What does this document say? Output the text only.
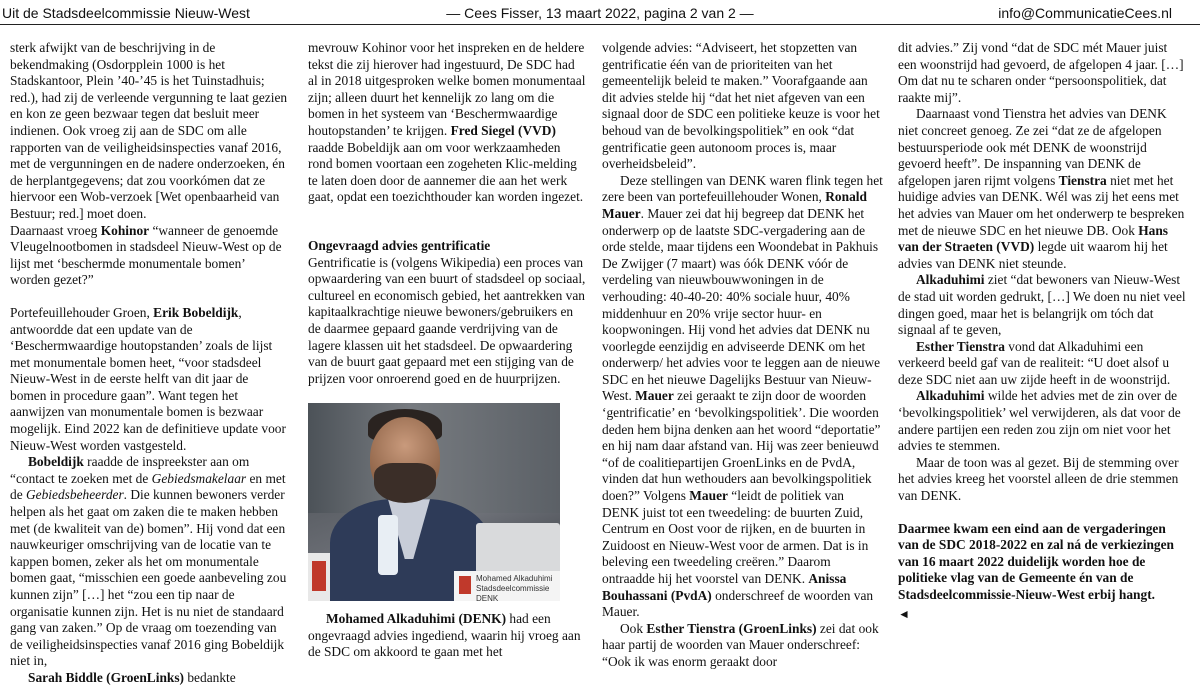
Uit de Stadsdeelcommissie Nieuw-West	— Cees Fisser, 13 maart 2022, pagina 2 van 2 —	info@CommunicatieCees.nl

sterk afwijkt van de beschrijving in de bekendmaking (Osdorpplein 1000 is het Stadskantoor, Plein ’40-’45 is het Tuinstadhuis; red.), had zij de verleende vergunning te laat gezien en kon ze geen bezwaar tegen dat besluit meer indienen. Ook vroeg zij aan de SDC om alle rapporten van de veiligheidsinspecties vanaf 2016, met de vergunningen en de nadere onderzoeken, én de herplantgegevens; dat zou voorkómen dat ze hiervoor een Wob-verzoek [Wet openbaarheid van Bestuur; red.] moet doen.

Daarnaast vroeg Kohinor “wanneer de genoemde Vleugelnootbomen in stadsdeel Nieuw-West op de lijst met ‘beschermde monumentale bomen’ worden gezet?”

Portefeuillehouder Groen, Erik Bobeldijk, antwoordde dat een update van de ‘Beschermwaardige houtopstanden’ zoals de lijst met monumentale bomen heet, “voor stadsdeel Nieuw-West in de eerste helft van dit jaar de bomen in procedure gaan”. Want tegen het aanwijzen van monumentale bomen is bezwaar mogelijk. Eind 2022 kan de definitieve update voor Nieuw-West worden vastgesteld.

Bobeldijk raadde de inspreekster aan om “contact te zoeken met de Gebiedsmakelaar en met de Gebiedsbeheerder. Die kunnen bewoners verder helpen als het gaat om zaken die te maken hebben met (de kwaliteit van de) bomen”. Hij vond dat een nauwkeuriger omschrijving van de locatie van te kappen bomen, zeker als het om monumentale bomen gaat, “misschien een goede aanbeveling zou kunnen zijn” […] het “zou een tip naar de organisatie kunnen zijn. Het is nu niet de standaard gang van zaken.” Op de vraag om toezending van de veiligheidsinspecties vanaf 2016 ging Bobeldijk niet in,

Sarah Biddle (GroenLinks) bedankte

mevrouw Kohinor voor het inspreken en de heldere tekst die zij hierover had ingestuurd, De SDC had al in 2018 uitgesproken welke bomen monumentaal zijn; alleen duurt het kennelijk zo lang om die bomen in het systeem van ‘Beschermwaardige houtopstanden’ te krijgen. Fred Siegel (VVD) raadde Bobeldijk aan om voor werkzaamheden rond bomen voortaan een zogeheten Klic-melding te laten doen door de aannemer die aan het werk gaat, opdat een toezichthouder kan worden ingezet.

Ongevraagd advies gentrificatie

Gentrificatie is (volgens Wikipedia) een proces van opwaardering van een buurt of stadsdeel op sociaal, cultureel en economisch gebied, het aantrekken van kapitaalkrachtige nieuwe bewoners/gebruikers en de daarmee gepaard gaande verdrijving van de lagere klassen uit het stadsdeel. De opwaardering van de buurt gaat gepaard met een stijging van de prijzen voor onroerend goed en de huurprijzen.

Mohamed Alkaduhimi
Stadsdeelcommissie
DENK

Mohamed Alkaduhimi (DENK) had een ongevraagd advies ingediend, waarin hij vroeg aan de SDC om akkoord te gaan met het

volgende advies: “Adviseert, het stopzetten van gentrificatie één van de prioriteiten van het gemeentelijk beleid te maken.” Voorafgaande aan dit advies stelde hij “dat het niet afgeven van een signaal door de SDC een politieke keuze is voor het behoud van de bevolkingspolitiek” en ook “dat gentrificatie geen autonoom proces is, maar overheidsbeleid”.

Deze stellingen van DENK waren flink tegen het zere been van portefeuillehouder Wonen, Ronald Mauer. Mauer zei dat hij begreep dat DENK het onderwerp op de laatste SDC-vergadering aan de orde stelde, maar tijdens een Woondebat in Pakhuis De Zwijger (7 maart) was óók DENK vóór de verdeling van nieuwbouwwoningen in de verhouding: 40-40-20: 40% sociale huur, 40% middenhuur en 20% vrije sector huur- en koopwoningen. Hij vond het advies dat DENK nu voorlegde eenzijdig en adviseerde DENK om het onderwerp/ het advies voor te leggen aan de nieuwe SDC en het nieuwe Dagelijks Bestuur van Nieuw-West. Mauer zei geraakt te zijn door de woorden ‘gentrificatie’ en ‘bevolkingspolitiek’. Die woorden deden hem bijna denken aan het woord “deportatie” en hij nam daar afstand van. Hij was zeer benieuwd “of de coalitiepartijen GroenLinks en de PvdA, vinden dat hun wethouders aan bevolkingspolitiek doen?” Volgens Mauer “leidt de politiek van DENK juist tot een tweedeling: de buurten Zuid, Centrum en Oost voor de rijken, en de buurten in Zuidoost en Nieuw-West voor de armen. Dat is in beleving een tweedeling creëren.” Daarom ontraadde hij het voorstel van DENK. Anissa Bouhassani (PvdA) onderschreef de woorden van Mauer.

Ook Esther Tienstra (GroenLinks) zei dat ook haar partij de woorden van Mauer onderschreef: “Ook ik was enorm geraakt door

dit advies.” Zij vond “dat de SDC mét Mauer juist een woonstrijd had gevoerd, de afgelopen 4 jaar. […] Om dat nu te scharen onder “persoonspolitiek, dat raakte mij”.

Daarnaast vond Tienstra het advies van DENK niet concreet genoeg. Ze zei “dat ze de afgelopen bestuursperiode ook mét DENK de woonstrijd gevoerd heeft”. De inspanning van DENK de afgelopen jaren rijmt volgens Tienstra niet met het huidige advies van DENK. Wél was zij het eens met het advies van Mauer om het onderwerp te bespreken met de nieuwe SDC en het nieuwe DB. Ook Hans van der Straeten (VVD) legde uit waarom hij het advies van DENK niet steunde.

Alkaduhimi ziet “dat bewoners van Nieuw-West de stad uit worden gedrukt, […] We doen nu niet veel dingen goed, maar het is belangrijk om tóch dat signaal af te geven,

Esther Tienstra vond dat Alkaduhimi een verkeerd beeld gaf van de realiteit: “U doet alsof u deze SDC niet aan uw zijde heeft in de woonstrijd.

Alkaduhimi wilde het advies met de zin over de ‘bevolkingspolitiek’ wel verwijderen, als dat voor de andere partijen een reden zou zijn om niet voor het advies te stemmen.

Maar de toon was al gezet. Bij de stemming over het advies kreeg het voorstel alleen de drie stemmen van DENK.

Daarmee kwam een eind aan de vergaderingen van de SDC 2018-2022 en zal ná de verkiezingen van 16 maart 2022 duidelijk worden hoe de politieke vlag van de Gemeente én van de Stadsdeelcommissie-Nieuw-West erbij hangt.

◄
